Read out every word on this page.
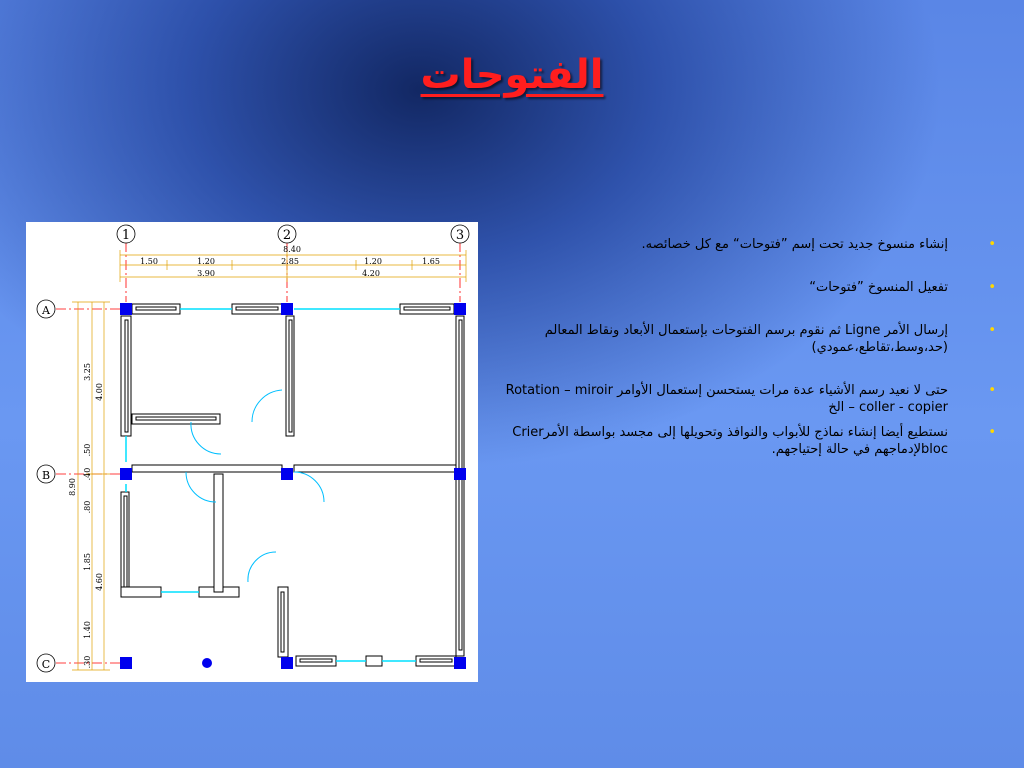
الفتوحات
1	2	3
A
B
C
8.40
1.50	1.20	2.85	1.20	1.65
3.90	4.20
4.00
8.90
4.60
3.25
.50
.40
.80
1.85
1.40
.30
•
إنشاء منسوخ جديد تحت إسم ”فتوحات“ مع كل خصائصه.
•
تفعيل المنسوخ ”فتوحات“
•
إرسال الأمر Ligne ثم نقوم برسم الفتوحات بإستعمال الأبعاد ونقاط المعالم (حد،وسط،تقاطع،عمودي)
•
حتى لا نعيد رسم الأشياء عدة مرات يستحسن إستعمال الأوامر Rotation – miroir – coller - copier الخ
•
نستطيع أيضا إنشاء نماذج للأبواب والنوافذ وتحويلها إلى مجسد بواسطة الأمرCrier blocلإدماجهم في حالة إحتياجهم.
